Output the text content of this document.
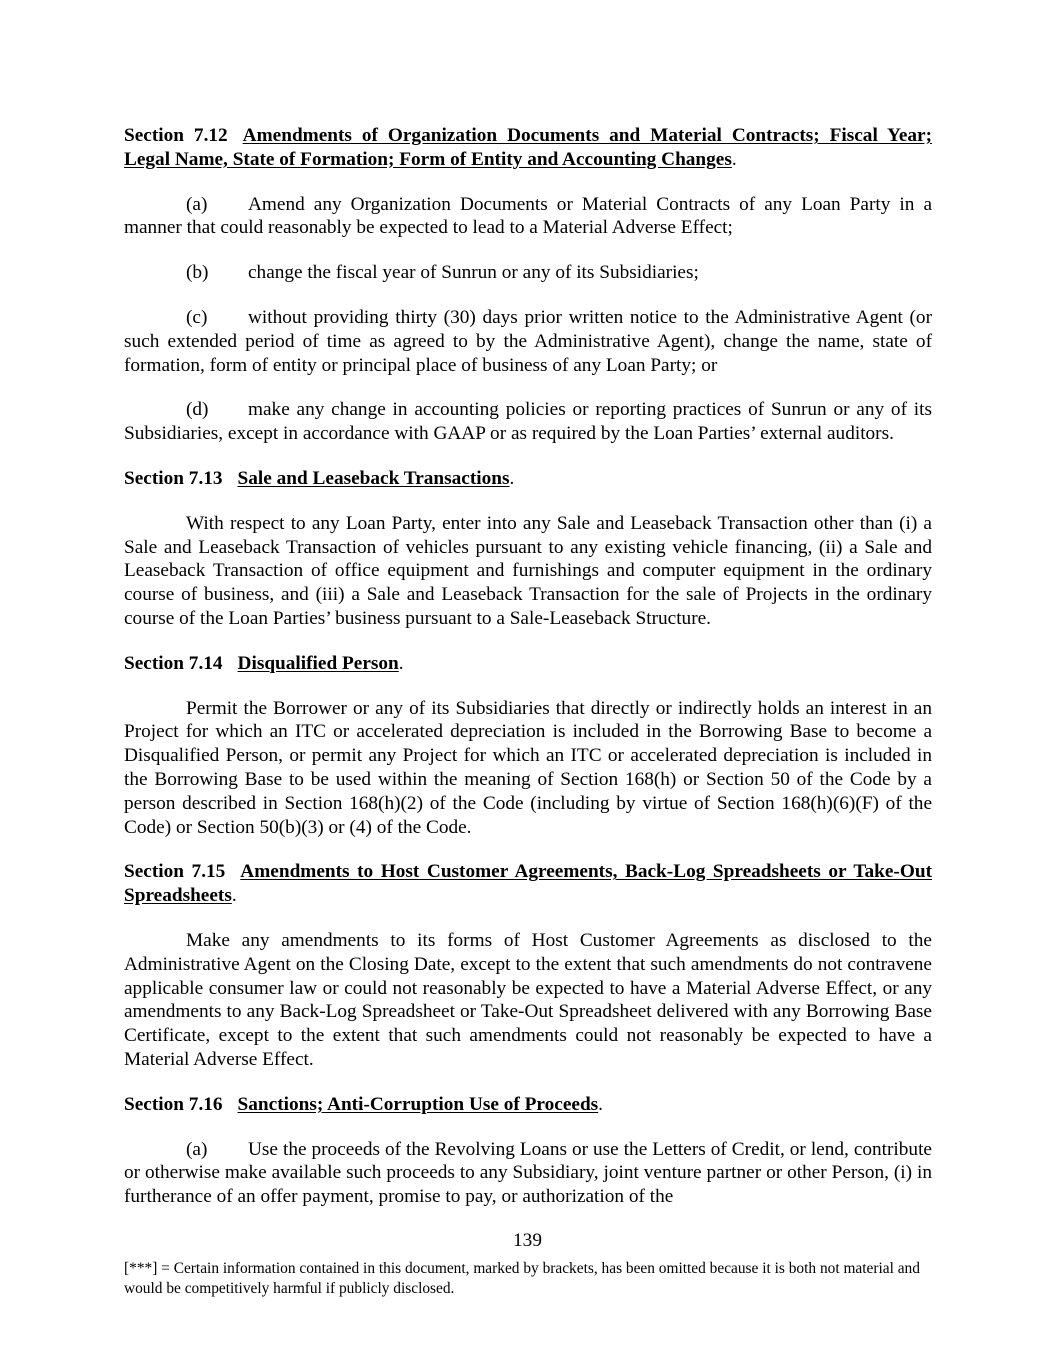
Section 7.12 Amendments of Organization Documents and Material Contracts; Fiscal Year; Legal Name, State of Formation; Form of Entity and Accounting Changes.
(a) Amend any Organization Documents or Material Contracts of any Loan Party in a manner that could reasonably be expected to lead to a Material Adverse Effect;
(b) change the fiscal year of Sunrun or any of its Subsidiaries;
(c) without providing thirty (30) days prior written notice to the Administrative Agent (or such extended period of time as agreed to by the Administrative Agent), change the name, state of formation, form of entity or principal place of business of any Loan Party; or
(d) make any change in accounting policies or reporting practices of Sunrun or any of its Subsidiaries, except in accordance with GAAP or as required by the Loan Parties’ external auditors.
Section 7.13 Sale and Leaseback Transactions.
With respect to any Loan Party, enter into any Sale and Leaseback Transaction other than (i) a Sale and Leaseback Transaction of vehicles pursuant to any existing vehicle financing, (ii) a Sale and Leaseback Transaction of office equipment and furnishings and computer equipment in the ordinary course of business, and (iii) a Sale and Leaseback Transaction for the sale of Projects in the ordinary course of the Loan Parties’ business pursuant to a Sale-Leaseback Structure.
Section 7.14 Disqualified Person.
Permit the Borrower or any of its Subsidiaries that directly or indirectly holds an interest in an Project for which an ITC or accelerated depreciation is included in the Borrowing Base to become a Disqualified Person, or permit any Project for which an ITC or accelerated depreciation is included in the Borrowing Base to be used within the meaning of Section 168(h) or Section 50 of the Code by a person described in Section 168(h)(2) of the Code (including by virtue of Section 168(h)(6)(F) of the Code) or Section 50(b)(3) or (4) of the Code.
Section 7.15 Amendments to Host Customer Agreements, Back-Log Spreadsheets or Take-Out Spreadsheets.
Make any amendments to its forms of Host Customer Agreements as disclosed to the Administrative Agent on the Closing Date, except to the extent that such amendments do not contravene applicable consumer law or could not reasonably be expected to have a Material Adverse Effect, or any amendments to any Back-Log Spreadsheet or Take-Out Spreadsheet delivered with any Borrowing Base Certificate, except to the extent that such amendments could not reasonably be expected to have a Material Adverse Effect.
Section 7.16 Sanctions; Anti-Corruption Use of Proceeds.
(a) Use the proceeds of the Revolving Loans or use the Letters of Credit, or lend, contribute or otherwise make available such proceeds to any Subsidiary, joint venture partner or other Person, (i) in furtherance of an offer payment, promise to pay, or authorization of the
139
[***] = Certain information contained in this document, marked by brackets, has been omitted because it is both not material and would be competitively harmful if publicly disclosed.
